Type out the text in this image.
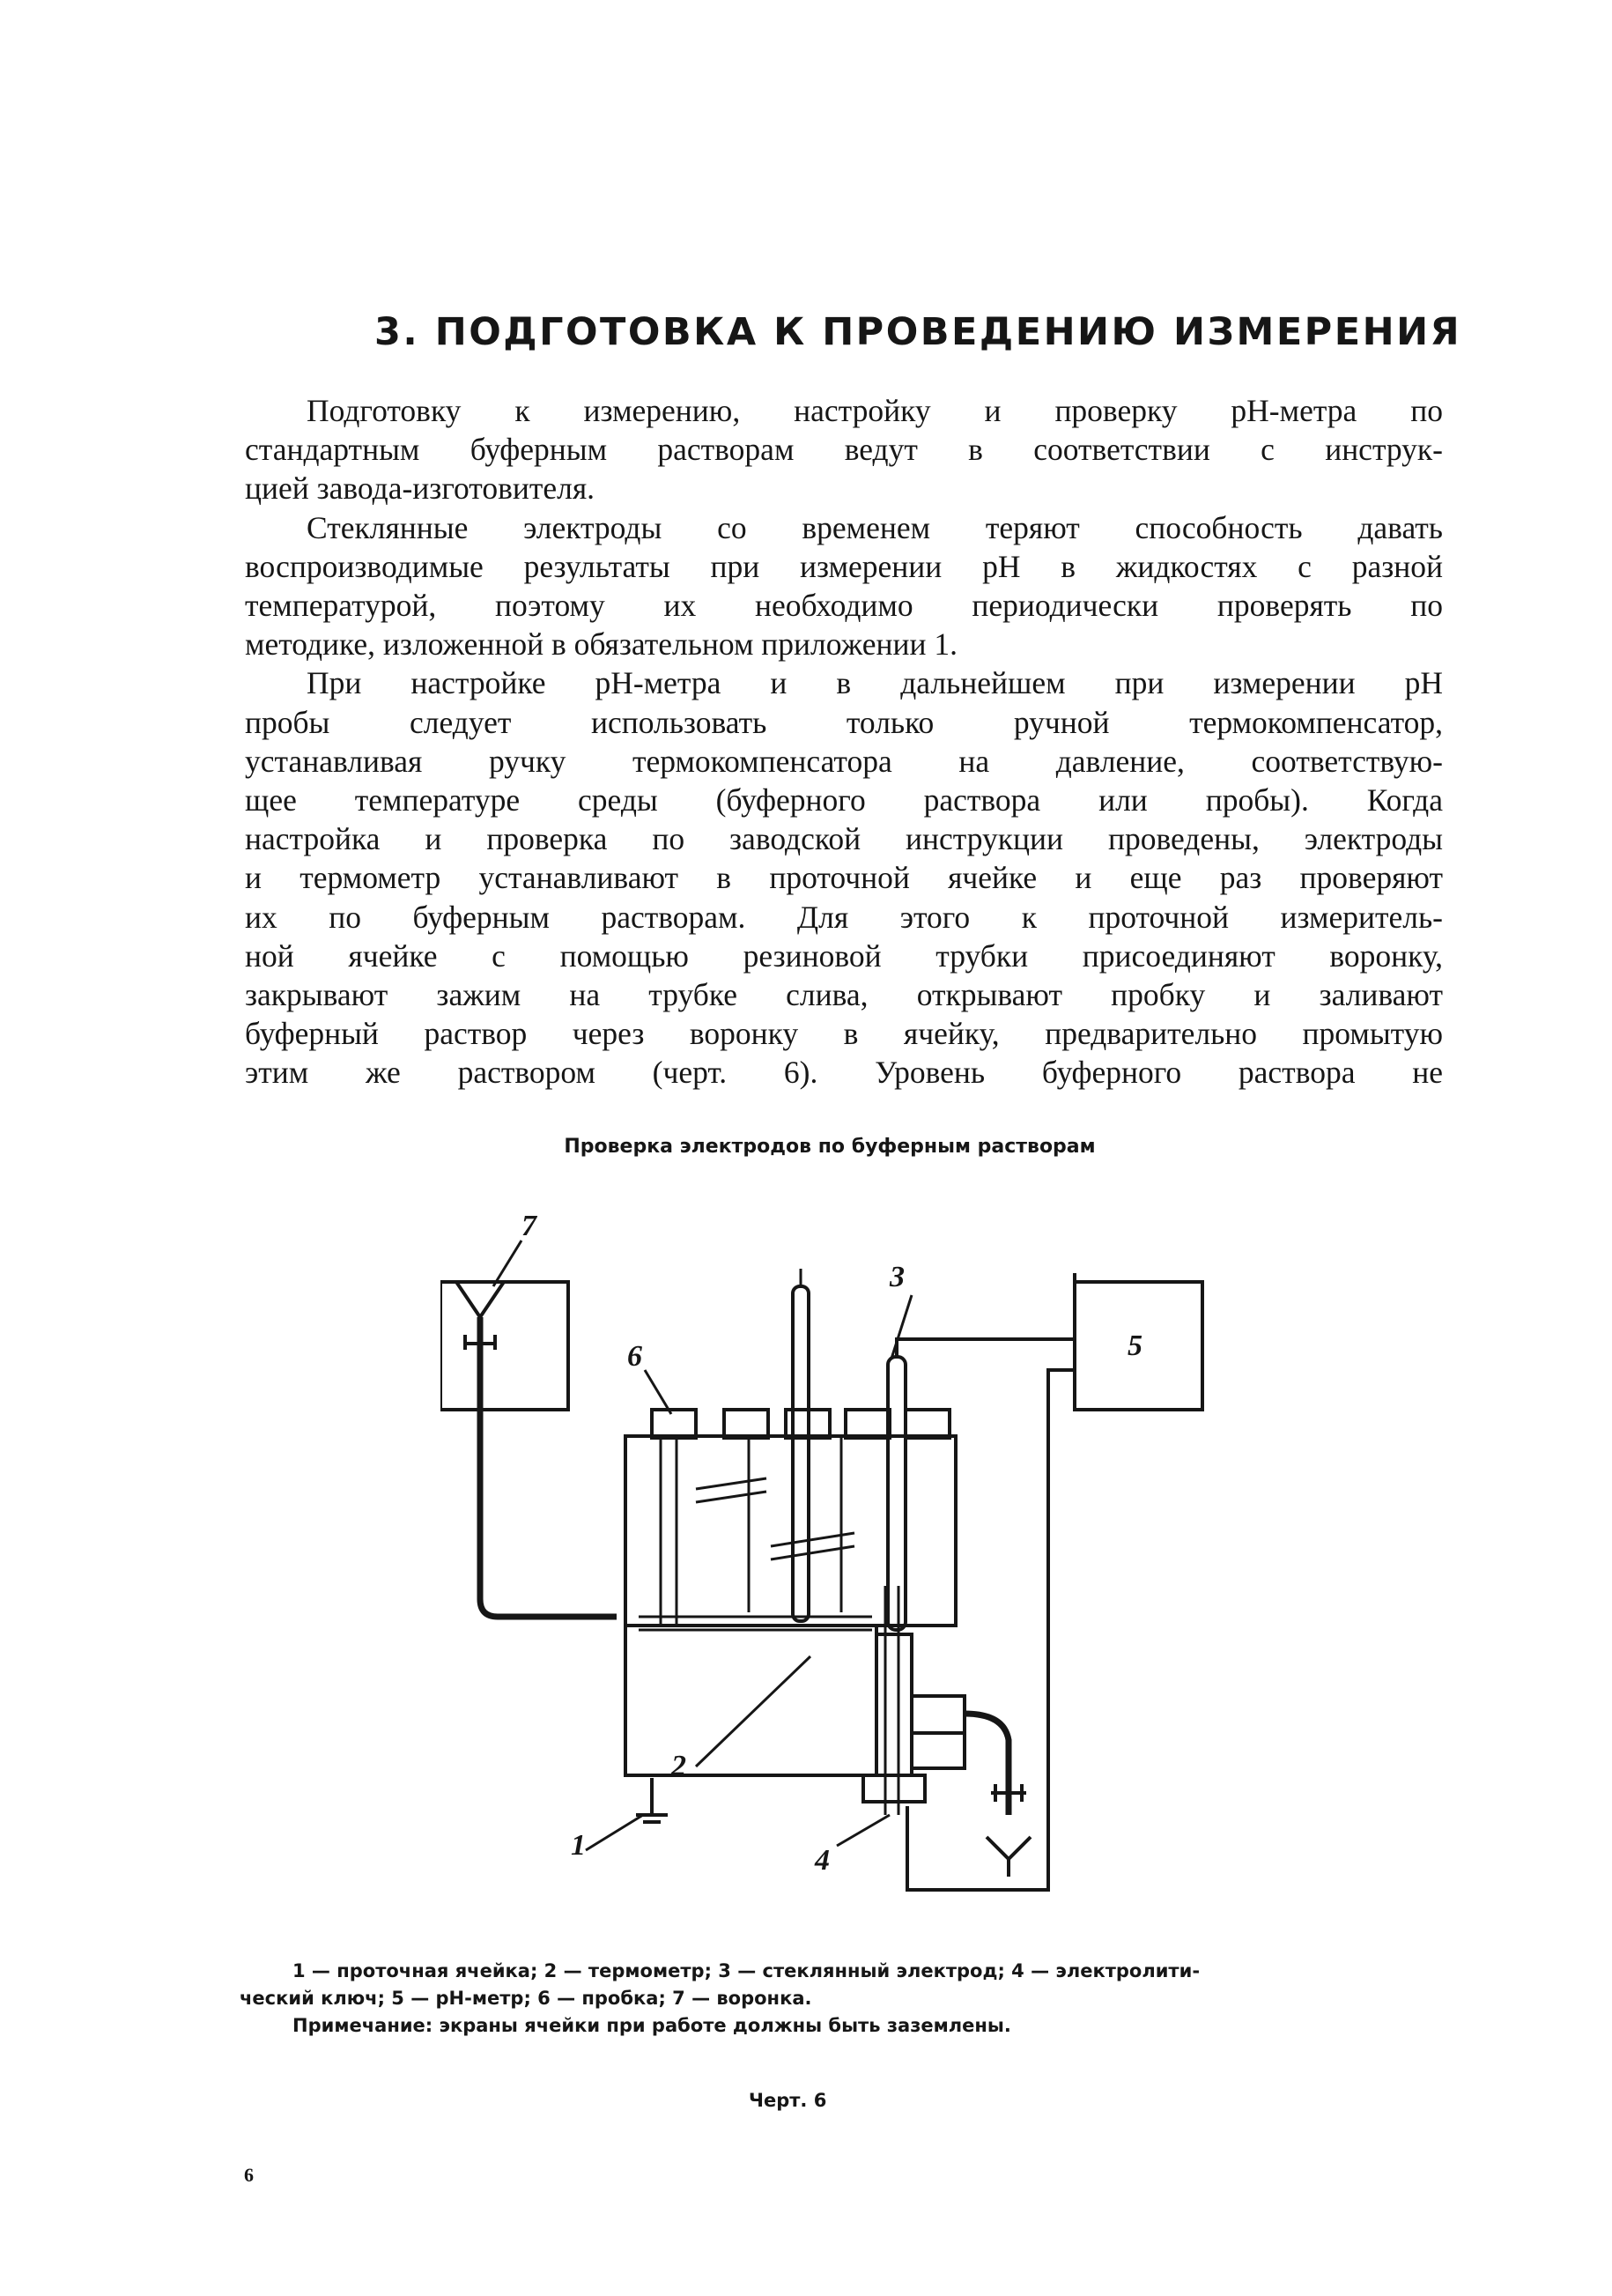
3. ПОДГОТОВКА К ПРОВЕДЕНИЮ ИЗМЕРЕНИЯ

Подготовку к измерению, настройку и проверку pH-метра по
стандартным буферным растворам ведут в соответствии с инструк-
цией завода-изготовителя.

Стеклянные электроды со временем теряют способность давать
воспроизводимые результаты при измерении pH в жидкостях с разной
температурой, поэтому их необходимо периодически проверять по
методике, изложенной в обязательном приложении 1.

При настройке pH-метра и в дальнейшем при измерении pH
пробы следует использовать только ручной термокомпенсатор,
устанавливая ручку термокомпенсатора на давление, соответствую-
щее температуре среды (буферного раствора или пробы). Когда
настройка и проверка по заводской инструкции проведены, электроды
и термометр устанавливают в проточной ячейке и еще раз проверяют
их по буферным растворам. Для этого к проточной измеритель-
ной ячейке с помощью резиновой трубки присоединяют воронку,
закрывают зажим на трубке слива, открывают пробку и заливают
буферный раствор через воронку в ячейку, предварительно промытую
этим же раствором (черт. 6). Уровень буферного раствора не

Проверка электродов по буферным растворам
7
6
3
5
2
1	4
1 — проточная ячейка; 2 — термометр; 3 — стеклянный электрод; 4 — электролити-
ческий ключ; 5 — pH-метр; 6 — пробка; 7 — воронка.
Примечание: экраны ячейки при работе должны быть заземлены.
Черт. 6
6
